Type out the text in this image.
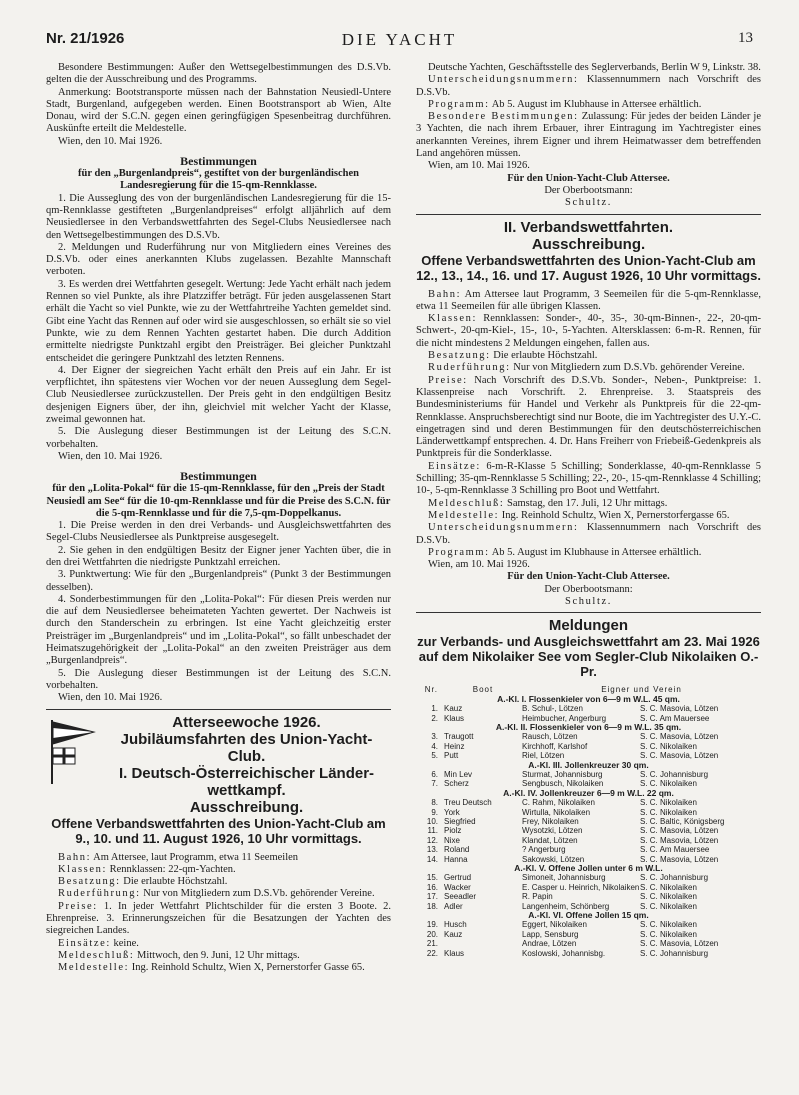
Nr. 21/1926	DIE YACHT	13

Besondere Bestimmungen: Außer den Wettsegelbestimmungen des D.S.Vb. gelten die der Ausschreibung und des Programms.

Anmerkung: Bootstransporte müssen nach der Bahnstation Neusiedl-Untere Stadt, Burgenland, aufgegeben werden. Einen Bootstransport ab Wien, Alte Donau, wird der S.C.N. gegen einen geringfügigen Spesenbeitrag durchführen. Auskünfte erteilt die Meldestelle.

Wien, den 10. Mai 1926.

Bestimmungen

für den „Burgenlandpreis“, gestiftet von der burgenländischen Landesregierung für die 15-qm-Rennklasse.

1. Die Ausseglung des von der burgenländischen Landesregierung für die 15-qm-Rennklasse gestifteten „Burgenlandpreises“ erfolgt alljährlich auf dem Neusiedlersee in den Verbandswettfahrten des Segel-Clubs Neusiedlersee nach den Wettsegelbestimmungen des D.S.Vb.

2. Meldungen und Ruderführung nur von Mitgliedern eines Vereines des D.S.Vb. oder eines anerkannten Klubs zugelassen. Bezahlte Mannschaft verboten.

3. Es werden drei Wettfahrten gesegelt. Wertung: Jede Yacht erhält nach jedem Rennen so viel Punkte, als ihre Platzziffer beträgt. Für jeden ausgelassenen Start erhält die Yacht so viel Punkte, wie zu der Wettfahrtreihe Yachten gemeldet sind. Gibt eine Yacht das Rennen auf oder wird sie ausgeschlossen, so erhält sie so viel Punkte, wie zu dem Rennen Yachten gestartet haben. Die durch Addition ermittelte niedrigste Punktzahl ergibt den Preisträger. Bei gleicher Punktzahl entscheidet die geringere Punktzahl des letzten Rennens.

4. Der Eigner der siegreichen Yacht erhält den Preis auf ein Jahr. Er ist verpflichtet, ihn spätestens vier Wochen vor der neuen Ausseglung dem Segel-Club Neusiedlersee zurückzustellen. Der Preis geht in den endgültigen Besitz desjenigen Eigners über, der ihn, gleichviel mit welcher Yacht der Klasse, zweimal gewonnen hat.

5. Die Auslegung dieser Bestimmungen ist der Leitung des S.C.N. vorbehalten.

Wien, den 10. Mai 1926.

Bestimmungen

für den „Lolita-Pokal“ für die 15-qm-Rennklasse, für den „Preis der Stadt Neusiedl am See“ für die 10-qm-Rennklasse und für die Preise des S.C.N. für die 5-qm-Rennklasse und für die 7,5-qm-Doppelkanus.

1. Die Preise werden in den drei Verbands- und Ausgleichswettfahrten des Segel-Clubs Neusiedlersee als Punktpreise ausgesegelt.

2. Sie gehen in den endgültigen Besitz der Eigner jener Yachten über, die in den drei Wettfahrten die niedrigste Punktzahl erreichen.

3. Punktwertung: Wie für den „Burgenlandpreis“ (Punkt 3 der Bestimmungen desselben).

4. Sonderbestimmungen für den „Lolita-Pokal“: Für diesen Preis werden nur die auf dem Neusiedlersee beheimateten Yachten gewertet. Der Nachweis ist durch den Standerschein zu erbringen. Ist eine Yacht gleichzeitig erster Preisträger im „Burgenlandpreis“ und im „Lolita-Pokal“, so fällt unbeschadet der Heimatszugehörigkeit der „Lolita-Pokal“ an den zweiten Preisträger aus dem „Burgenlandpreis“.

5. Die Auslegung dieser Bestimmungen ist der Leitung des S.C.N. vorbehalten.

Wien, den 10. Mai 1926.

Atterseewoche 1926.

Jubiläumsfahrten des Union-Yacht-Club.

I. Deutsch-Österreichischer Länder-

wettkampf.

Ausschreibung.

Offene Verbandswettfahrten des Union-Yacht-Club am 9., 10. und 11. August 1926, 10 Uhr vormittags.

Bahn: Am Attersee, laut Programm, etwa 11 Seemeilen

Klassen: Rennklassen: 22-qm-Yachten.

Besatzung: Die erlaubte Höchstzahl.

Ruderführung: Nur von Mitgliedern zum D.S.Vb. gehörender Vereine.

Preise: 1. In jeder Wettfahrt Plichtschilder für die ersten 3 Boote. 2. Ehrenpreise. 3. Erinnerungszeichen für die Besatzungen der Yachten des siegreichen Landes.

Einsätze: keine.

Meldeschluß: Mittwoch, den 9. Juni, 12 Uhr mittags.

Meldestelle: Ing. Reinhold Schultz, Wien X, Pernerstorfer Gasse 65.

Deutsche Yachten, Geschäftsstelle des Seglerverbands, Berlin W 9, Linkstr. 38.

Unterscheidungsnummern: Klassennummern nach Vorschrift des D.S.Vb.

Programm: Ab 5. August im Klubhause in Attersee erhältlich.

Besondere Bestimmungen: Zulassung: Für jedes der beiden Länder je 3 Yachten, die nach ihrem Erbauer, ihrer Eintragung im Yachtregister eines anerkannten Vereines, ihrem Eigner und ihrem Heimatwasser dem betreffenden Land angehören müssen.

Wien, am 10. Mai 1926.

Für den Union-Yacht-Club Attersee.

Der Oberbootsmann:

Schultz.

II. Verbandswettfahrten.

Ausschreibung.

Offene Verbandswettfahrten des Union-Yacht-Club am 12., 13., 14., 16. und 17. August 1926, 10 Uhr vormittags.

Bahn: Am Attersee laut Programm, 3 Seemeilen für die 5-qm-Rennklasse, etwa 11 Seemeilen für alle übrigen Klassen.

Klassen: Rennklassen: Sonder-, 40-, 35-, 30-qm-Binnen-, 22-, 20-qm-Schwert-, 20-qm-Kiel-, 15-, 10-, 5-Yachten. Altersklassen: 6-m-R. Rennen, für die nicht mindestens 2 Meldungen eingehen, fallen aus.

Besatzung: Die erlaubte Höchstzahl.

Ruderführung: Nur von Mitgliedern zum D.S.Vb. gehörender Vereine.

Preise: Nach Vorschrift des D.S.Vb. Sonder-, Neben-, Punktpreise: 1. Klassenpreise nach Vorschrift. 2. Ehrenpreise. 3. Staatspreis des Bundesministeriums für Handel und Verkehr als Punktpreis für die 22-qm-Rennklasse. Anspruchsberechtigt sind nur Boote, die im Yachtregister des U.Y.-C. eingetragen sind und deren Bestimmungen für den deutschösterreichischen Länderwettkampf entsprechen. 4. Dr. Hans Freiherr von Friebeiß-Gedenkpreis als Punktpreis für die Sonderklasse.

Einsätze: 6-m-R-Klasse 5 Schilling; Sonderklasse, 40-qm-Rennklasse 5 Schilling; 35-qm-Rennklasse 5 Schilling; 22-, 20-, 15-qm-Rennklasse 4 Schilling; 10-, 5-qm-Rennklasse 3 Schilling pro Boot und Wettfahrt.

Meldeschluß: Samstag, den 17. Juli, 12 Uhr mittags.

Meldestelle: Ing. Reinhold Schultz, Wien X, Pernerstorfergasse 65.

Unterscheidungsnummern: Klassennummern nach Vorschrift des D.S.Vb.

Programm: Ab 5. August im Klubhause in Attersee erhältlich.

Wien, am 10. Mai 1926.

Für den Union-Yacht-Club Attersee.

Der Oberbootsmann:

Schultz.

Meldungen

zur Verbands- und Ausgleichswettfahrt am 23. Mai 1926 auf dem Nikolaiker See vom Segler-Club Nikolaiken O.-Pr.

Nr.	Boot	Eigner und Verein	
A.-Kl. I. Flossenkieler von 6—9 m W.L. 45 qm.			
1.	Kauz	B. Schul-, Lötzen	S. C. Masovia, Lötzen
2.	Klaus	Heimbucher, Angerburg	S. C. Am Mauersee
A.-Kl. II. Flossenkieler von 6—9 m W.L. 35 qm.			
3.	Traugott	Rausch, Lötzen	S. C. Masovia, Lötzen
4.	Heinz	Kirchhoff, Karlshof	S. C. Nikolaiken
5.	Putt	Riel, Lötzen	S. C. Masovia, Lötzen
A.-Kl. III. Jollenkreuzer 30 qm.			
6.	Min Lev	Sturmat, Johannisburg	S. C. Johannisburg
7.	Scherz	Sengbusch, Nikolaiken	S. C. Nikolaiken
A.-Kl. IV. Jollenkreuzer 6—9 m W.L. 22 qm.			
8.	Treu Deutsch	C. Rahm, Nikolaiken	S. C. Nikolaiken
9.	York	Wirtulla, Nikolaiken	S. C. Nikolaiken
10.	Siegfried	Frey, Nikolaiken	S. C. Baltic, Königsberg
11.	Piolz	Wysotzki, Lötzen	S. C. Masovia, Lötzen
12.	Nixe	Klandat, Lötzen	S. C. Masovia, Lötzen
13.	Roland	? Angerburg	S. C. Am Mauersee
14.	Hanna	Sakowski, Lötzen	S. C. Masovia, Lötzen
A.-Kl. V. Offene Jollen unter 6 m W.L.			
15.	Gertrud	Simoneit, Johannisburg	S. C. Johannisburg
16.	Wacker	E. Casper u. Heinrich, Nikolaiken	S. C. Nikolaiken
17.	Seeadler	R. Papin	S. C. Nikolaiken
18.	Adler	Langenheim, Schönberg	S. C. Nikolaiken
A.-Kl. VI. Offene Jollen 15 qm.			
19.	Husch	Eggert, Nikolaiken	S. C. Nikolaiken
20.	Kauz	Lapp, Sensburg	S. C. Nikolaiken
21.		Andrae, Lötzen	S. C. Masovia, Lötzen
22.	Klaus	Koslowski, Johannisbg.	S. C. Johannisburg
